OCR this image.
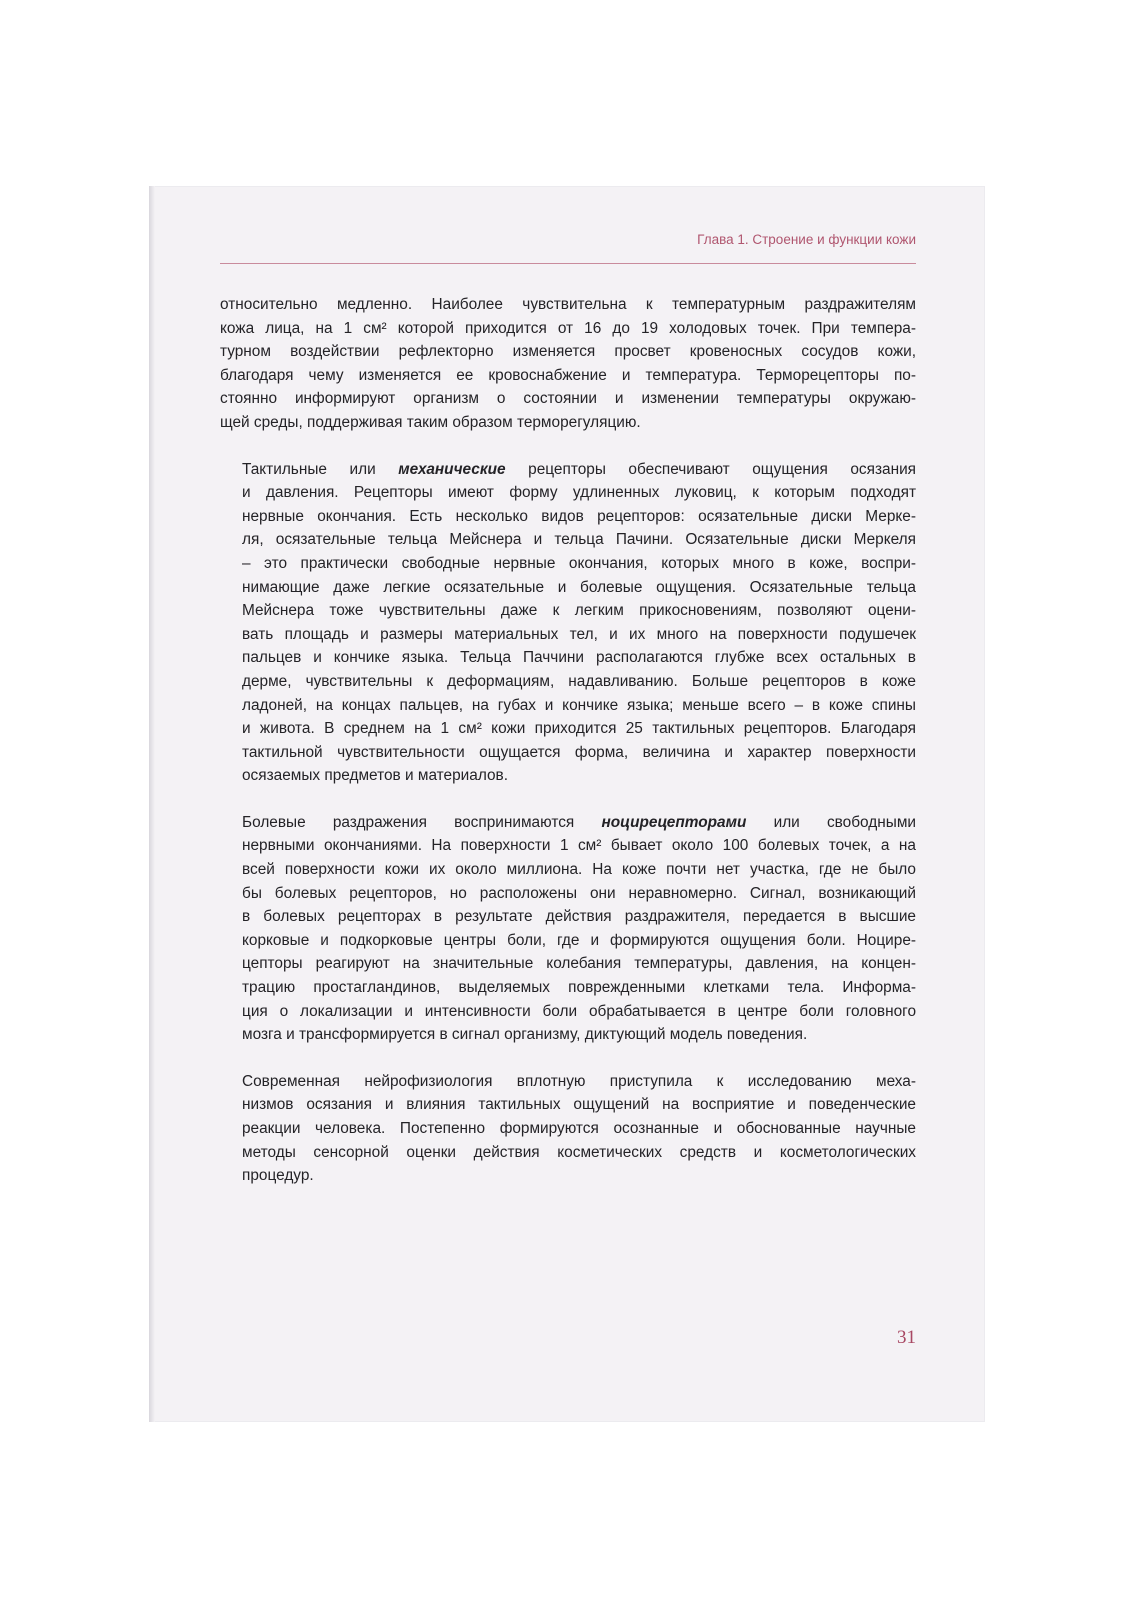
Глава 1. Строение и функции кожи

относительно медленно. Наиболее чувствительна к температурным раздражителям
кожа лица, на 1 см² которой приходится от 16 до 19 холодовых точек. При темпера-
турном воздействии рефлекторно изменяется просвет кровеносных сосудов кожи,
благодаря чему изменяется ее кровоснабжение и температура. Терморецепторы по-
стоянно информируют организм о состоянии и изменении температуры окружаю-
щей среды, поддерживая таким образом терморегуляцию.

Тактильные или механические рецепторы обеспечивают ощущения осязания
и давления. Рецепторы имеют форму удлиненных луковиц, к которым подходят
нервные окончания. Есть несколько видов рецепторов: осязательные диски Мерке-
ля, осязательные тельца Мейснера и тельца Пачини. Осязательные диски Меркеля
– это практически свободные нервные окончания, которых много в коже, воспри-
нимающие даже легкие осязательные и болевые ощущения. Осязательные тельца
Мейснера тоже чувствительны даже к легким прикосновениям, позволяют оцени-
вать площадь и размеры материальных тел, и их много на поверхности подушечек
пальцев и кончике языка. Тельца Паччини располагаются глубже всех остальных в
дерме, чувствительны к деформациям, надавливанию. Больше рецепторов в коже
ладоней, на концах пальцев, на губах и кончике языка; меньше всего – в коже спины
и живота. В среднем на 1 см² кожи приходится 25 тактильных рецепторов. Благодаря
тактильной чувствительности ощущается форма, величина и характер поверхности
осязаемых предметов и материалов.

Болевые раздражения воспринимаются ноцирецепторами или свободными
нервными окончаниями. На поверхности 1 см² бывает около 100 болевых точек, а на
всей поверхности кожи их около миллиона. На коже почти нет участка, где не было
бы болевых рецепторов, но расположены они неравномерно. Сигнал, возникающий
в болевых рецепторах в результате действия раздражителя, передается в высшие
корковые и подкорковые центры боли, где и формируются ощущения боли. Ноцире-
цепторы реагируют на значительные колебания температуры, давления, на концен-
трацию простагландинов, выделяемых поврежденными клетками тела. Информа-
ция о локализации и интенсивности боли обрабатывается в центре боли головного
мозга и трансформируется в сигнал организму, диктующий модель поведения.

Современная нейрофизиология вплотную приступила к исследованию меха-
низмов осязания и влияния тактильных ощущений на восприятие и поведенческие
реакции человека. Постепенно формируются осознанные и обоснованные научные
методы сенсорной оценки действия косметических средств и косметологических
процедур.

31
